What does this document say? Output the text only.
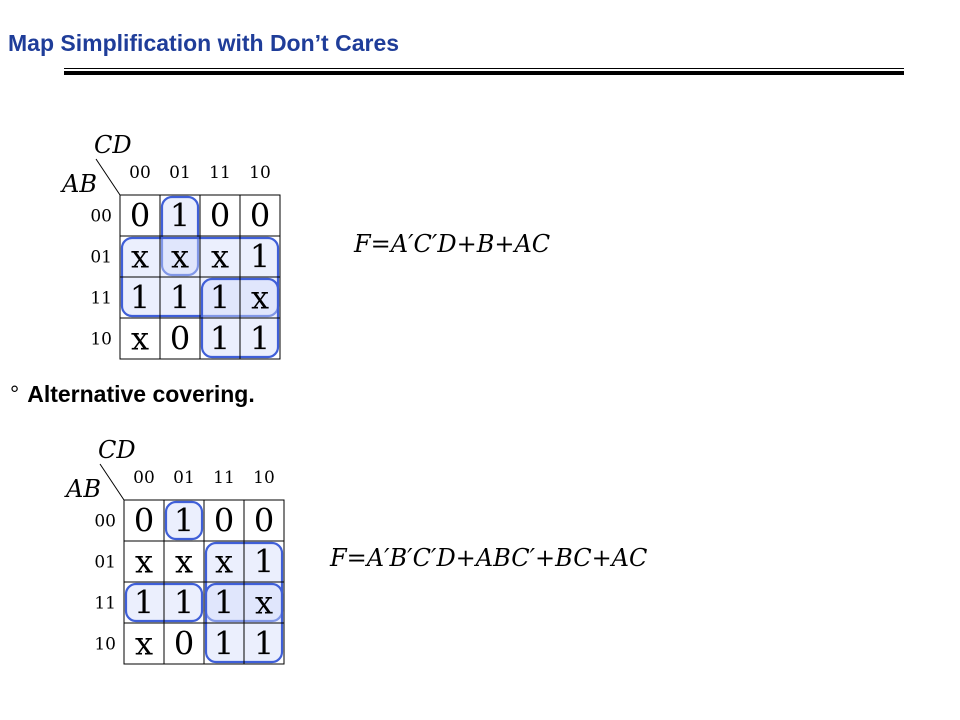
Map Simplification with Don’t Cares
CD
AB 00 01 11 10
00
01
11
10
0 1 0 0
x x x 1
1 1 1 x
x 0 1 1
F=A′C′D+B+AC
° Alternative covering.
CD
AB 00 01 11 10
00
01
11
10
0 1 0 0
x x x 1
1 1 1 x
x 0 1 1
F=A′B′C′D+ABC′+BC+AC
